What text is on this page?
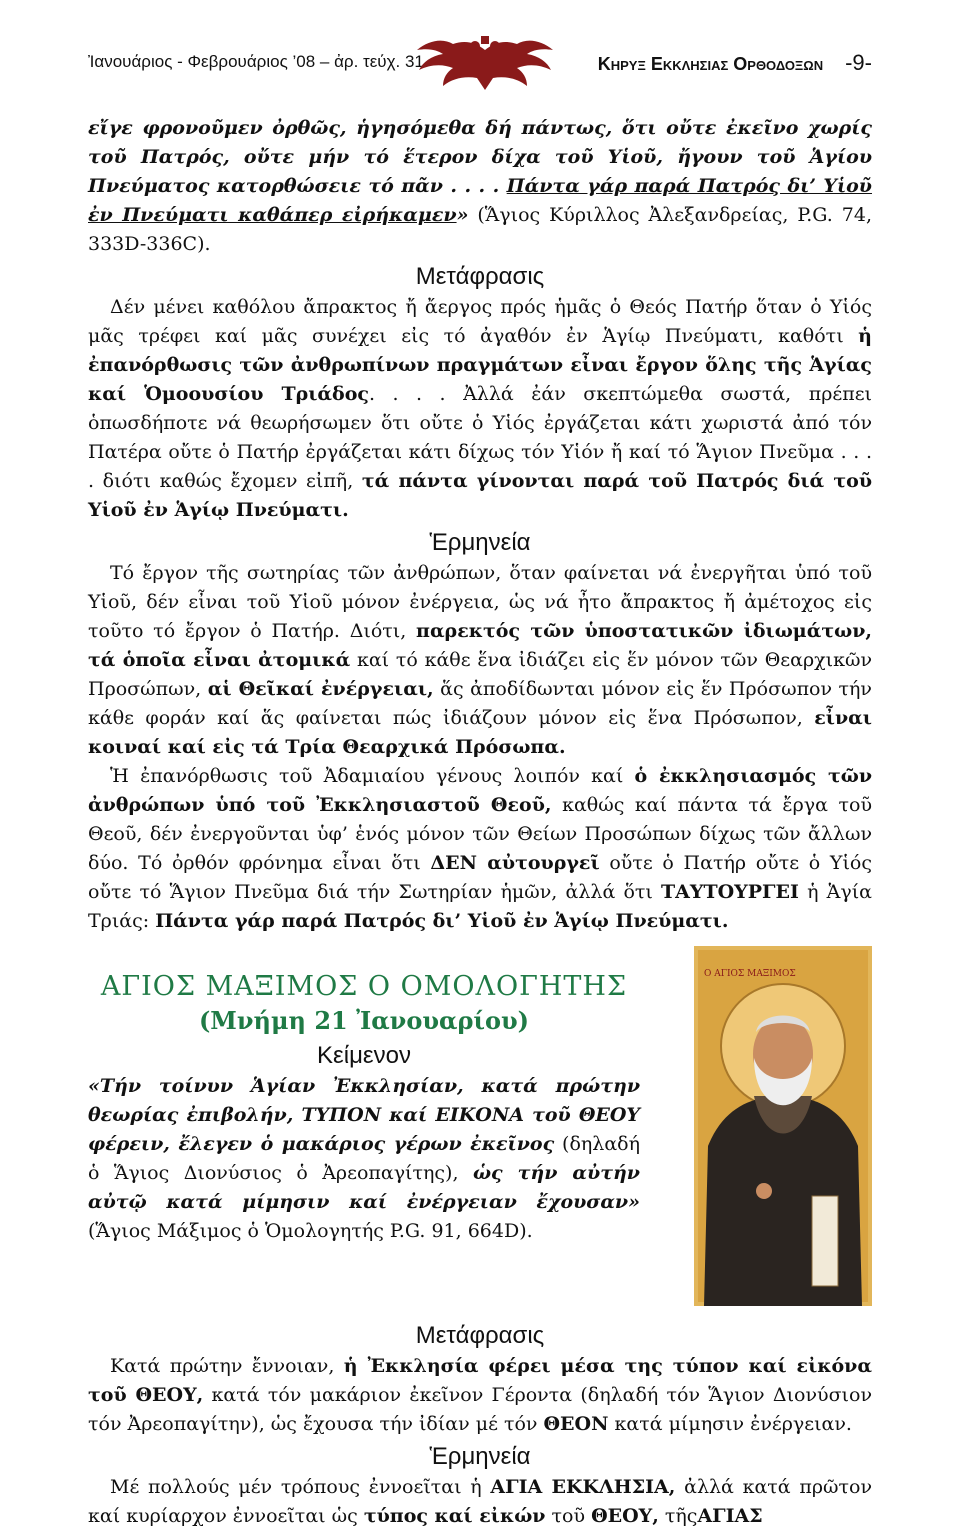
Ἰανουάριος - Φεβρουάριος ’08 – ἀρ. τεύχ. 31	Κηρυξ Εκκλησιας Ορθοδοξων -9-

εἴγε φρονοῦμεν ὀρθῶς, ἡγησόμεθα δή πάντως, ὅτι οὔτε ἐκεῖνο χωρίς τοῦ Πατρός, οὔτε μήν τό ἕτερον δίχα τοῦ Υἱοῦ, ἤγουν τοῦ Ἁγίου Πνεύματος κατορθώσειε τό πᾶν . . . . Πάντα γάρ παρά Πατρός δι’ Υἱοῦ ἐν Πνεύματι καθάπερ εἰρήκαμεν» (Ἅγιος Κύριλλος Ἀλεξανδρείας, P.G. 74, 333D-336C).

Μετάφρασις

Δέν μένει καθόλου ἄπρακτος ἤ ἄεργος πρός ἡμᾶς ὁ Θεός Πατήρ ὅταν ὁ Υἱός μᾶς τρέφει καί μᾶς συνέχει εἰς τό ἀγαθόν ἐν Ἁγίῳ Πνεύματι, καθότι ἡ ἐπανόρθωσις τῶν ἀνθρωπίνων πραγμάτων εἶναι ἔργον ὅλης τῆς Ἁγίας καί Ὁμοουσίου Τριάδος. . . . Ἀλλά ἐάν σκεπτώμεθα σωστά, πρέπει ὁπωσδήποτε νά θεωρήσωμεν ὅτι οὔτε ὁ Υἱός ἐργάζεται κάτι χωριστά ἀπό τόν Πατέρα οὔτε ὁ Πατήρ ἐργάζεται κάτι δίχως τόν Υἱόν ἤ καί τό Ἅγιον Πνεῦμα . . . . διότι καθώς ἔχομεν εἰπῆ, τά πάντα γίνονται παρά τοῦ Πατρός διά τοῦ Υἱοῦ ἐν Ἁγίῳ Πνεύματι.

Ἑρμηνεία

Τό ἔργον τῆς σωτηρίας τῶν ἀνθρώπων, ὅταν φαίνεται νά ἐνεργῆται ὑπό τοῦ Υἱοῦ, δέν εἶναι τοῦ Υἱοῦ μόνον ἐνέργεια, ὡς νά ἦτο ἄπρακτος ἤ ἀμέτοχος εἰς τοῦτο τό ἔργον ὁ Πατήρ. Διότι, παρεκτός τῶν ὑποστατικῶν ἰδιωμάτων, τά ὁποῖα εἶναι ἀτομικά καί τό κάθε ἕνα ἰδιάζει εἰς ἕν μόνον τῶν Θεαρχικῶν Προσώπων, αἱ Θεῖκαί ἐνέργειαι, ἅς ἀποδίδωνται μόνον εἰς ἕν Πρόσωπον τήν κάθε φοράν καί ἅς φαίνεται πώς ἰδιάζουν μόνον εἰς ἕνα Πρόσωπον, εἶναι κοιναί καί εἰς τά Τρία Θεαρχικά Πρόσωπα.

Ἡ ἐπανόρθωσις τοῦ Ἀδαμιαίου γένους λοιπόν καί ὁ ἐκκλησιασμός τῶν ἀνθρώπων ὑπό τοῦ Ἐκκλησιαστοῦ Θεοῦ, καθώς καί πάντα τά ἔργα τοῦ Θεοῦ, δέν ἐνεργοῦνται ὑφ’ ἑνός μόνον τῶν Θείων Προσώπων δίχως τῶν ἄλλων δύο. Τό ὀρθόν φρόνημα εἶναι ὅτι ΔΕΝ αὐτουργεῖ οὔτε ὁ Πατήρ οὔτε ὁ Υἱός οὔτε τό Ἅγιον Πνεῦμα διά τήν Σωτηρίαν ἡμῶν, ἀλλά ὅτι ΤΑΥΤΟΥΡΓΕΙ ἡ Ἁγία Τριάς: Πάντα γάρ παρά Πατρός δι’ Υἱοῦ ἐν Ἁγίῳ Πνεύματι.

ΑΓΙΟΣ ΜΑΞΙΜΟΣ Ο ΟΜΟΛΟΓΗΤΗΣ
(Μνήμη 21 Ἰανουαρίου)
Κείμενον

«Τήν τοίνυν Ἁγίαν Ἐκκλησίαν, κατά πρώτην θεωρίας ἐπιβολήν, ΤΥΠΟΝ καί ΕΙΚΟΝΑ τοῦ ΘΕΟΥ φέρειν, ἔλεγεν ὁ μακάριος γέρων ἐκεῖνος (δηλαδή ὁ Ἅγιος Διονύσιος ὁ Ἀρεοπαγίτης), ὡς τήν αὐτήν αὐτῷ κατά μίμησιν καί ἐνέργειαν ἔχουσαν» (Ἅγιος Μάξιμος ὁ Ὁμολογητής P.G. 91, 664D).

Ο ΑΓΙΟΣ ΜΑΞΙΜΟΣ
Μετάφρασις

Κατά πρώτην ἔννοιαν, ἡ Ἐκκλησία φέρει μέσα της τύπον καί εἰκόνα τοῦ ΘΕΟΥ, κατά τόν μακάριον ἐκεῖνον Γέροντα (δηλαδή τόν Ἅγιον Διονύσιον τόν Ἀρεοπαγίτην), ὡς ἔχουσα τήν ἰδίαν μέ τόν ΘΕΟΝ κατά μίμησιν ἐνέργειαν.

Ἑρμηνεία

Μέ πολλούς μέν τρόπους ἐννοεῖται ἡ ΑΓΙΑ ΕΚΚΛΗΣΙΑ, ἀλλά κατά πρῶτον καί κυρίαρχον ἐννοεῖται ὡς τύπος καί εἰκών τοῦ ΘΕΟΥ, τῆςΑΓΙΑΣ
